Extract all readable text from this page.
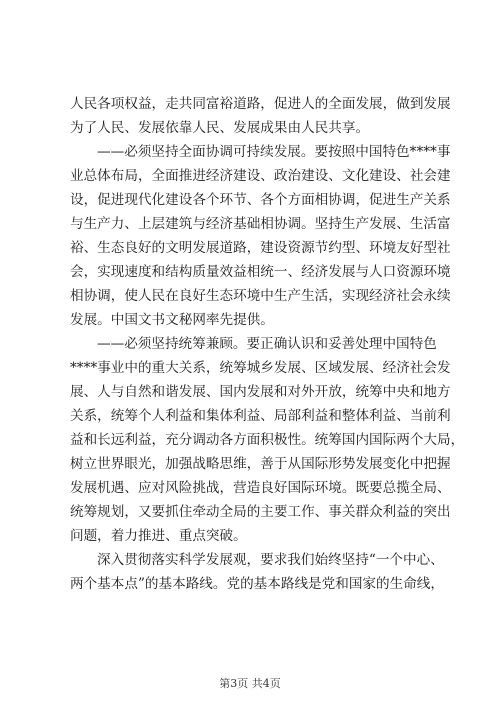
人民各项权益，走共同富裕道路，促进人的全面发展，做到发展
为了人民、发展依靠人民、发展成果由人民共享。
——必须坚持全面协调可持续发展。要按照中国特色****事
业总体布局，全面推进经济建设、政治建设、文化建设、社会建
设，促进现代化建设各个环节、各个方面相协调，促进生产关系
与生产力、上层建筑与经济基础相协调。坚持生产发展、生活富
裕、生态良好的文明发展道路，建设资源节约型、环境友好型社
会，实现速度和结构质量效益相统一、经济发展与人口资源环境
相协调，使人民在良好生态环境中生产生活，实现经济社会永续
发展。中国文书文秘网率先提供。
——必须坚持统筹兼顾。要正确认识和妥善处理中国特色
****事业中的重大关系，统筹城乡发展、区域发展、经济社会发
展、人与自然和谐发展、国内发展和对外开放，统筹中央和地方
关系，统筹个人利益和集体利益、局部利益和整体利益、当前利
益和长远利益，充分调动各方面积极性。统筹国内国际两个大局，
树立世界眼光，加强战略思维，善于从国际形势发展变化中把握
发展机遇、应对风险挑战，营造良好国际环境。既要总揽全局、
统筹规划，又要抓住牵动全局的主要工作、事关群众利益的突出
问题，着力推进、重点突破。
深入贯彻落实科学发展观，要求我们始终坚持“一个中心、
两个基本点”的基本路线。党的基本路线是党和国家的生命线，
第3页 共4页
